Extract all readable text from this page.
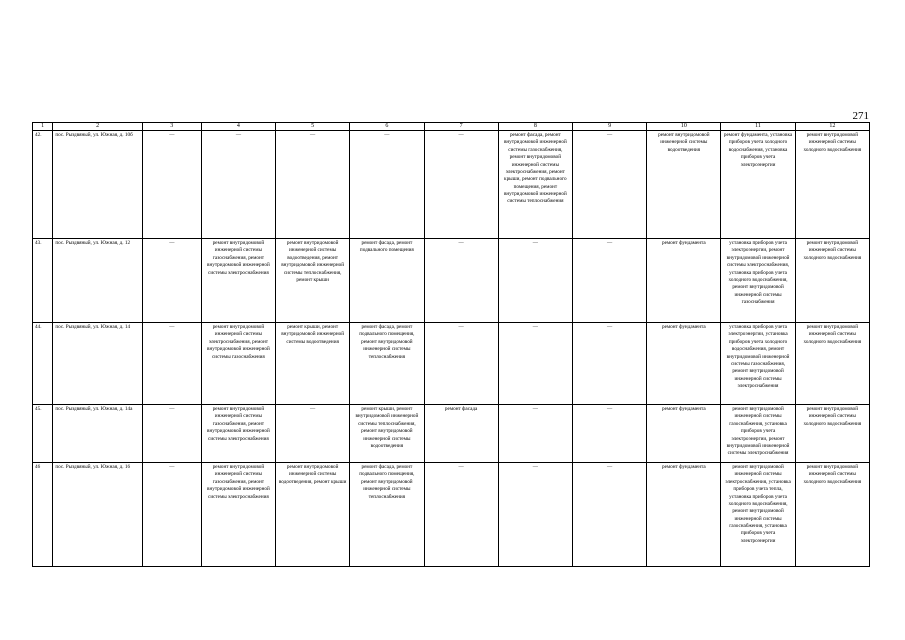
271
1	2	3	4	5	6	7	8	9	10	11	12
42.	пос. Рыздвяный, ул. Южная, д. 10б	—	—	—	—	—	ремонт фасада, ремонт внутридомовой инженерной системы газоснабжения, ремонт внутридомовой инженерной системы электроснабжения, ремонт крыши, ремонт подвального помещения, ремонт внутридомовой инженерной системы теплоснабжения	—	ремонт внутридомовой инженерной системы водоотведения	ремонт фундамента, установка приборов учета холодного водоснабжения, установка приборов учета электроэнергии	ремонт внутридомовой инженерной системы холодного водоснабжения
43.	пос. Рыздвяный, ул. Южная, д. 12	—	ремонт внутридомовой инженерной системы газоснабжения, ремонт внутридомовой инженерной системы электроснабжения	ремонт внутридомовой инженерной системы водоотведения, ремонт внутридомовой инженерной системы теплоснабжения, ремонт крыши	ремонт фасада, ремонт подвального помещения	—	—	—	ремонт фундамента	установка приборов учета электроэнергии, ремонт внутридомовой инженерной системы электроснабжения, установка приборов учета холодного водоснабжения, ремонт внутридомовой инженерной системы газоснабжения	ремонт внутридомовой инженерной системы холодного водоснабжения
44.	пос. Рыздвяный, ул. Южная, д. 14	—	ремонт внутридомовой инженерной системы электроснабжения, ремонт внутридомовой инженерной системы газоснабжения	ремонт крыши, ремонт внутридомовой инженерной системы водоотведения	ремонт фасада, ремонт подвального помещения, ремонт внутридомовой инженерной системы теплоснабжения	—	—	—	ремонт фундамента	установка приборов учета электроэнергии, установка приборов учета холодного водоснабжения, ремонт внутридомовой инженерной системы газоснабжения, ремонт внутридомовой инженерной системы электроснабжения	ремонт внутридомовой инженерной системы холодного водоснабжения
45.	пос. Рыздвяный, ул. Южная, д. 14а	—	ремонт внутридомовой инженерной системы газоснабжения, ремонт внутридомовой инженерной системы электроснабжения	—	ремонт крыши, ремонт внутридомовой инженерной системы теплоснабжения, ремонт внутридомовой инженерной системы водоотведения	ремонт фасада	—	—	ремонт фундамента	ремонт внутридомовой инженерной системы газоснабжения, установка приборов учета электроэнергии, ремонт внутридомовой инженерной системы электроснабжения	ремонт внутридомовой инженерной системы холодного водоснабжения
46	пос. Рыздвяный, ул. Южная, д. 16	—	ремонт внутридомовой инженерной системы газоснабжения, ремонт внутридомовой инженерной системы электроснабжения	ремонт внутридомовой инженерной системы водоотведения, ремонт крыши	ремонт фасада, ремонт подвального помещения, ремонт внутридомовой инженерной системы теплоснабжения	—	—	—	ремонт фундамента	ремонт внутридомовой инженерной системы электроснабжения, установка приборов учета тепла, установка приборов учета холодного водоснабжения, ремонт внутридомовой инженерной системы газоснабжения, установка приборов учета электроэнергии	ремонт внутридомовой инженерной системы холодного водоснабжения
